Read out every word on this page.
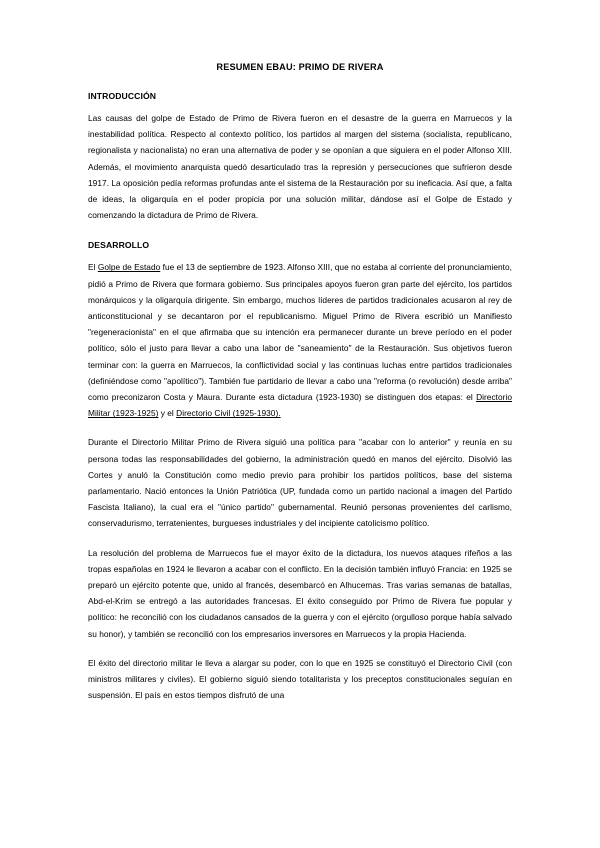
RESUMEN EBAU: PRIMO DE RIVERA
INTRODUCCIÓN

Las causas del golpe de Estado de Primo de Rivera fueron en el desastre de la guerra en Marruecos y la inestabilidad política. Respecto al contexto político, los partidos al margen del sistema (socialista, republicano, regionalista y nacionalista) no eran una alternativa de poder y se oponían a que siguiera en el poder Alfonso XIII. Además, el movimiento anarquista quedó desarticulado tras la represión y persecuciones que sufrieron desde 1917. La oposición pedía reformas profundas ante el sistema de la Restauración por su ineficacia. Así que, a falta de ideas, la oligarquía en el poder propicia por una solución militar, dándose así el Golpe de Estado y comenzando la dictadura de Primo de Rivera.

DESARROLLO

El Golpe de Estado fue el 13 de septiembre de 1923. Alfonso XIII, que no estaba al corriente del pronunciamiento, pidió a Primo de Rivera que formara gobierno. Sus principales apoyos fueron gran parte del ejército, los partidos monárquicos y la oligarquía dirigente. Sin embargo, muchos líderes de partidos tradicionales acusaron al rey de anticonstitucional y se decantaron por el republicanismo. Miguel Primo de Rivera escribió un Manifiesto "regeneracionista" en el que afirmaba que su intención era permanecer durante un breve período en el poder político, sólo el justo para llevar a cabo una labor de "saneamiento" de la Restauración. Sus objetivos fueron terminar con: la guerra en Marruecos, la conflictividad social y las continuas luchas entre partidos tradicionales (definiéndose como "apolítico"). También fue partidario de llevar a cabo una "reforma (o revolución) desde arriba" como preconizaron Costa y Maura. Durante esta dictadura (1923-1930) se distinguen dos etapas: el Directorio Militar (1923-1925) y el Directorio Civil (1925-1930).

Durante el Directorio Militar Primo de Rivera siguió una política para "acabar con lo anterior" y reunía en su persona todas las responsabilidades del gobierno, la administración quedó en manos del ejército. Disolvió las Cortes y anuló la Constitución como medio previo para prohibir los partidos políticos, base del sistema parlamentario. Nació entonces la Unión Patriótica (UP, fundada como un partido nacional a imagen del Partido Fascista Italiano), la cual era el "único partido" gubernamental. Reunió personas provenientes del carlismo, conservadurismo, terratenientes, burgueses industriales y del incipiente catolicismo político.

La resolución del problema de Marruecos fue el mayor éxito de la dictadura, los nuevos ataques rifeños a las tropas españolas en 1924 le llevaron a acabar con el conflicto. En la decisión también influyó Francia: en 1925 se preparó un ejército potente que, unido al francés, desembarcó en Alhucemas. Tras varias semanas de batallas, Abd-el-Krim se entregó a las autoridades francesas. El éxito conseguido por Primo de Rivera fue popular y político: he reconcilió con los ciudadanos cansados de la guerra y con el ejército (orgulloso porque había salvado su honor), y también se reconcilió con los empresarios inversores en Marruecos y la propia Hacienda.

El éxito del directorio militar le lleva a alargar su poder, con lo que en 1925 se constituyó el Directorio Civil (con ministros militares y civiles). El gobierno siguió siendo totalitarista y los preceptos constitucionales seguían en suspensión. El país en estos tiempos disfrutó de una
